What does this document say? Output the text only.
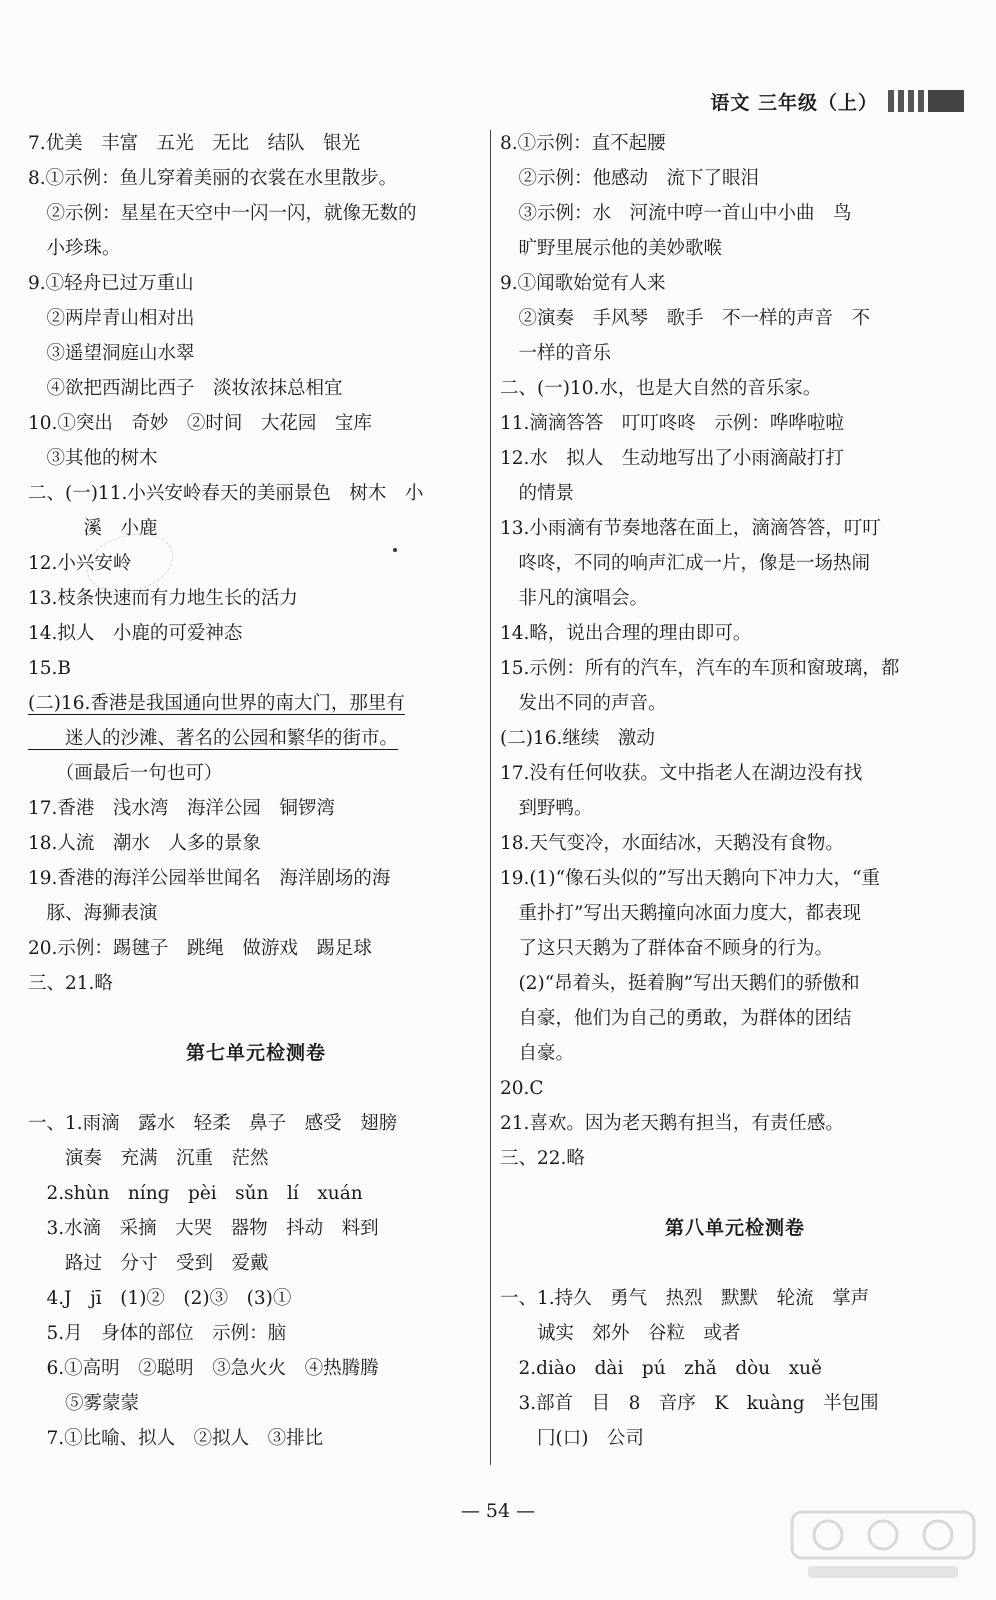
语文 三年级（上）
7.优美　丰富　五光　无比　结队　银光
8.①示例：鱼儿穿着美丽的衣裳在水里散步。
　②示例：星星在天空中一闪一闪，就像无数的
　小珍珠。
9.①轻舟已过万重山
　②两岸青山相对出
　③遥望洞庭山水翠
　④欲把西湖比西子　淡妆浓抹总相宜
10.①突出　奇妙　②时间　大花园　宝库
　③其他的树木
二、(一)11.小兴安岭春天的美丽景色　树木　小
　　　溪　小鹿
12.小兴安岭
13.枝条快速而有力地生长的活力
14.拟人　小鹿的可爱神态
15.B
(二)16.香港是我国通向世界的南大门，那里有
　　迷人的沙滩、著名的公园和繁华的街市。
　　（画最后一句也可）
17.香港　浅水湾　海洋公园　铜锣湾
18.人流　潮水　人多的景象
19.香港的海洋公园举世闻名　海洋剧场的海
　豚、海狮表演
20.示例：踢毽子　跳绳　做游戏　踢足球
三、21.略
第七单元检测卷
一、1.雨滴　露水　轻柔　鼻子　感受　翅膀
　　演奏　充满　沉重　茫然
　2.shùn　nínɡ　pèi　sǔn　lí　xuán
　3.水滴　采摘　大哭　器物　抖动　料到
　　路过　分寸　受到　爱戴
　4.J　jī　(1)②　(2)③　(3)①
　5.月　身体的部位　示例：脑
　6.①高明　②聪明　③急火火　④热腾腾
　　⑤雾蒙蒙
　7.①比喻、拟人　②拟人　③排比
8.①示例：直不起腰
　②示例：他感动　流下了眼泪
　③示例：水　河流中哼一首山中小曲　鸟
　旷野里展示他的美妙歌喉
9.①闻歌始觉有人来
　②演奏　手风琴　歌手　不一样的声音　不
　一样的音乐
二、(一)10.水，也是大自然的音乐家。
11.滴滴答答　叮叮咚咚　示例：哗哗啦啦
12.水　拟人　生动地写出了小雨滴敲打打
　的情景
13.小雨滴有节奏地落在面上，滴滴答答，叮叮
　咚咚，不同的响声汇成一片，像是一场热闹
　非凡的演唱会。
14.略，说出合理的理由即可。
15.示例：所有的汽车，汽车的车顶和窗玻璃，都
　发出不同的声音。
(二)16.继续　激动
17.没有任何收获。文中指老人在湖边没有找
　到野鸭。
18.天气变冷，水面结冰，天鹅没有食物。
19.(1)“像石头似的”写出天鹅向下冲力大，“重
　重扑打”写出天鹅撞向冰面力度大，都表现
　了这只天鹅为了群体奋不顾身的行为。
　(2)“昂着头，挺着胸”写出天鹅们的骄傲和
　自豪，他们为自己的勇敢，为群体的团结
　自豪。
20.C
21.喜欢。因为老天鹅有担当，有责任感。
三、22.略
第八单元检测卷
一、1.持久　勇气　热烈　默默　轮流　掌声
　　诚实　郊外　谷粒　或者
　2.diào　dài　pú　zhǎ　dòu　xuě
　3.部首　目　8　音序　K　kuàng　半包围
　　冂(口)　公司
— 54 —
